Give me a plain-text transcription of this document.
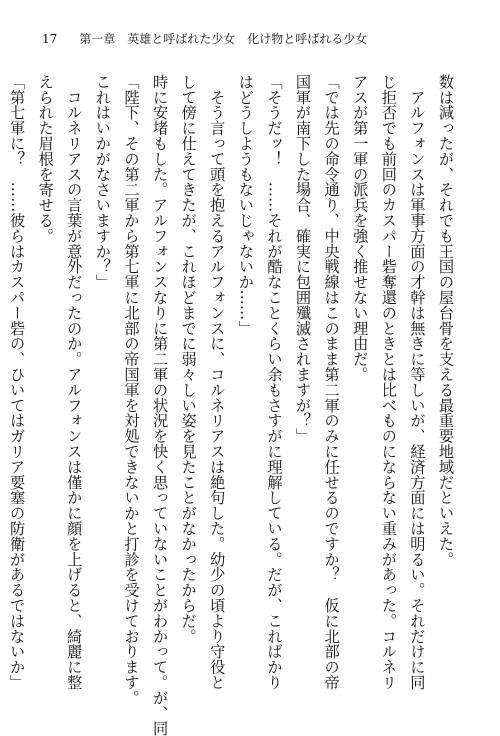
17 第一章　英雄と呼ばれた少女　化け物と呼ばれる少女

数は減ったが、それでも王国の屋台骨を支える最重要地域だといえた。

　アルフォンスは軍事方面の才幹は無きに等しいが、経済方面には明るい。それだけに同

じ拒否でも前回のカスパー砦奪還のときとは比べものにならない重みがあった。コルネリ

アスが第一軍の派兵を強く推せない理由だ。

「では先の命令通り、中央戦線はこのまま第二軍のみに任せるのですか？　仮に北部の帝

国軍が南下した場合、確実に包囲殲滅されますが？」

「そうだッ！　……それが酷なことくらい余もさすがに理解している。だが、こればかり

はどうしようもないじゃないか……」

　そう言って頭を抱えるアルフォンスに、コルネリアスは絶句した。幼少の頃より守役と

して傍に仕えてきたが、これほどまでに弱々しい姿を見たことがなかったからだ。

時に安堵もした。アルフォンスなりに第二軍の状況を快く思っていないことがわかって。が、同

「陛下、その第二軍から第七軍に北部の帝国軍を対処できないかと打診を受けております。

これはいかがなさいますか？」

　コルネリアスの言葉が意外だったのか。アルフォンスは僅かに顔を上げると、綺麗に整

えられた眉根を寄せる。

「第七軍に？　……彼らはカスパー砦の、ひいてはガリア要塞の防衛があるではないか」
